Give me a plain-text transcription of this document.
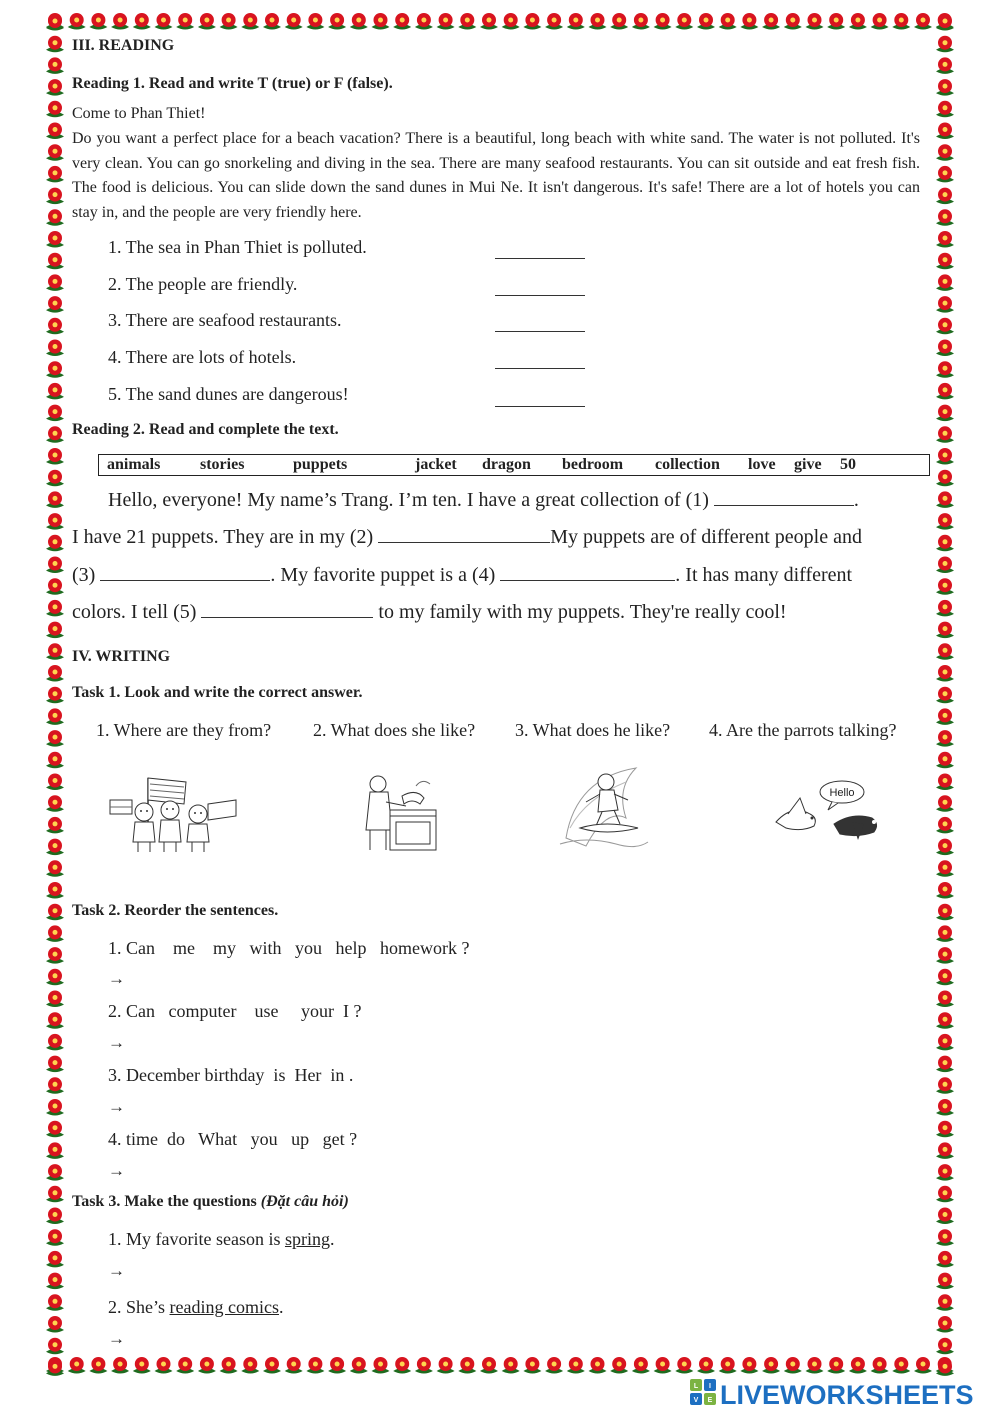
III. READING
Reading 1. Read and write T (true) or F (false).
Come to Phan Thiet!
Do you want a perfect place for a beach vacation? There is a beautiful, long beach with white sand. The water is not polluted. It's very clean. You can go snorkeling and diving in the sea. There are many seafood restaurants. You can sit outside and eat fresh fish. The food is delicious. You can slide down the sand dunes in Mui Ne. It isn't dangerous. It's safe! There are a lot of hotels you can stay in, and the people are very friendly here.
1. The sea in Phan Thiet is polluted.
2. The people are friendly.
3. There are seafood restaurants.
4. There are lots of hotels.
5. The sand dunes are dangerous!
Reading 2. Read and complete the text.
animals stories	puppets	jacket dragon bedroom collection love give 50
Hello, everyone! My name’s Trang. I’m ten. I have a great collection of (1)	.
I have 21 puppets. They are in my (2)	My puppets are of different people and
(3)	. My favorite puppet is a (4)	. It has many different
colors. I tell (5)	to my family with my puppets. They're really cool!
IV. WRITING
Task 1. Look and write the correct answer.
1. Where are they from? 2. What does she like? 3. What does he like? 4. Are the parrots talking?
Hello
Task 2. Reorder the sentences.
1. Can    me    my   with   you   help   homework ?
→
2. Can   computer    use     your  I ?
→
3. December birthday  is  Her  in .
→
4. time  do   What   you   up   get ?
→
Task 3. Make the questions (Đặt câu hỏi)
1. My favorite season is spring.
→
2. She’s reading comics.
→
L I
V E LIVEWORKSHEETS
